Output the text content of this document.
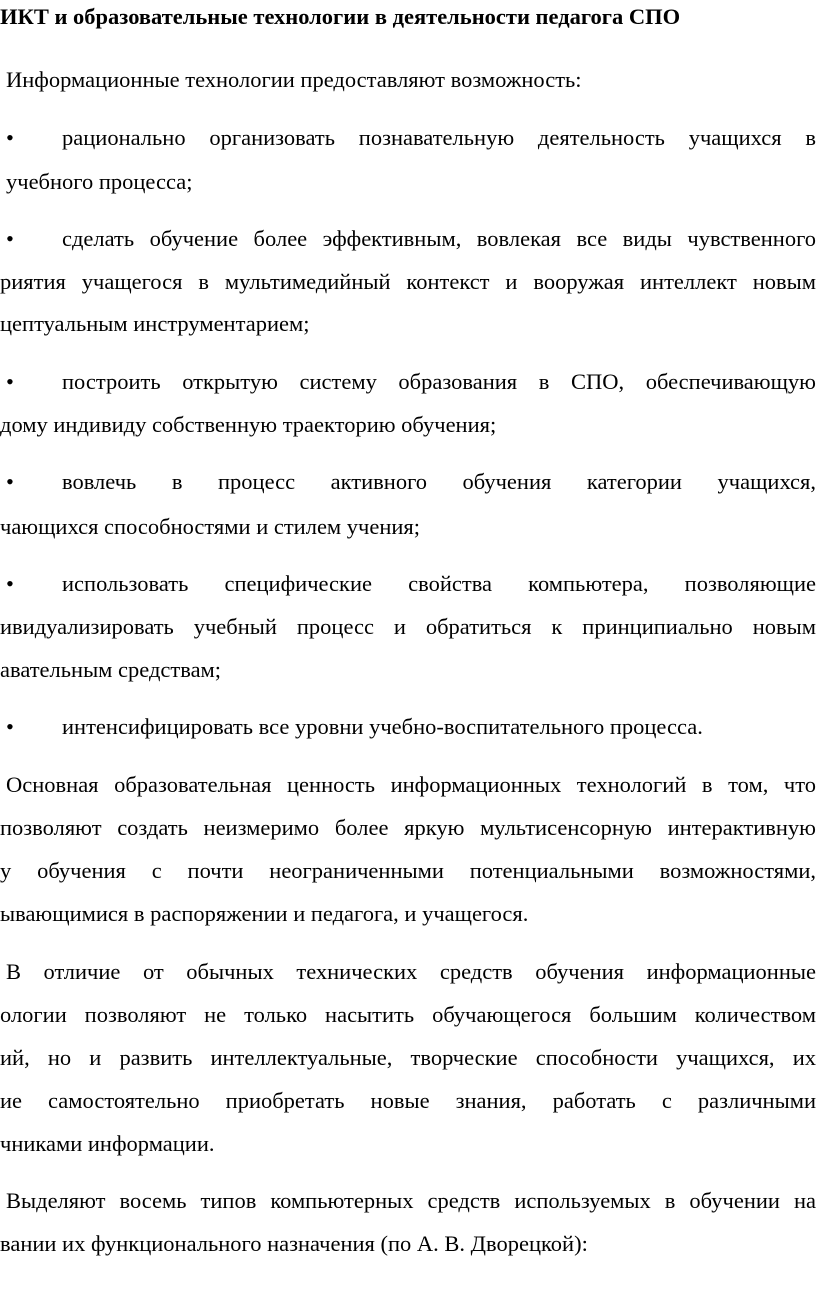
ИКТ и образовательные технологии в деятельности педагога СПО
Информационные технологии предоставляют возможность:
• рационально организовать познавательную деятельность учащихся в
учебного процесса;
• сделать обучение более эффективным, вовлекая все виды чувственного
риятия учащегося в мультимедийный контекст и вооружая интеллект новым
цептуальным инструментарием;
• построить открытую систему образования в СПО, обеспечивающую
дому индивиду собственную траекторию обучения;
• вовлечь в процесс активного обучения категории учащихся,
чающихся способностями и стилем учения;
• использовать специфические свойства компьютера, позволяющие
ивидуализировать учебный процесс и обратиться к принципиально новым
авательным средствам;
• интенсифицировать все уровни учебно-воспитательного процесса.
Основная образовательная ценность информационных технологий в том, что
позволяют создать неизмеримо более яркую мультисенсорную интерактивную
у обучения с почти неограниченными потенциальными возможностями,
ывающимися в распоряжении и педагога, и учащегося.
В отличие от обычных технических средств обучения информационные
ологии позволяют не только насытить обучающегося большим количеством
ий, но и развить интеллектуальные, творческие способности учащихся, их
ие самостоятельно приобретать новые знания, работать с различными
чниками информации.
Выделяют восемь типов компьютерных средств используемых в обучении на
вании их функционального назначения (по А. В. Дворецкой):
